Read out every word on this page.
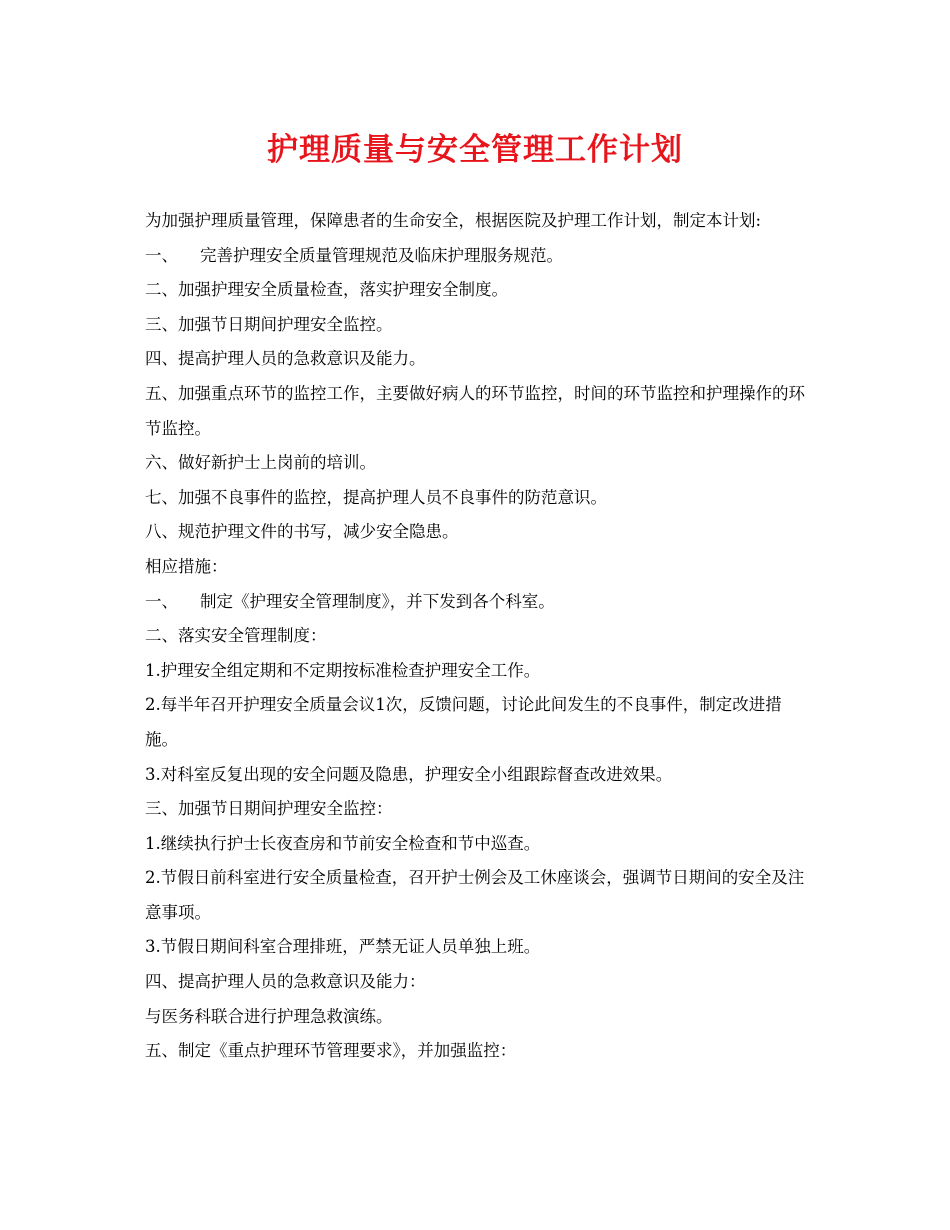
护理质量与安全管理工作计划

为加强护理质量管理，保障患者的生命安全，根据医院及护理工作计划，制定本计划:

一、 完善护理安全质量管理规范及临床护理服务规范。

二、加强护理安全质量检查，落实护理安全制度。

三、加强节日期间护理安全监控。

四、提高护理人员的急救意识及能力。

五、加强重点环节的监控工作，主要做好病人的环节监控，时间的环节监控和护理操作的环节监控。

六、做好新护士上岗前的培训。

七、加强不良事件的监控，提高护理人员不良事件的防范意识。

八、规范护理文件的书写，减少安全隐患。

相应措施：

一、 制定《护理安全管理制度》，并下发到各个科室。

二、落实安全管理制度：

1.护理安全组定期和不定期按标准检查护理安全工作。

2.每半年召开护理安全质量会议1次，反馈问题，讨论此间发生的不良事件，制定改进措施。

3.对科室反复出现的安全问题及隐患，护理安全小组跟踪督查改进效果。

三、加强节日期间护理安全监控：

1.继续执行护士长夜查房和节前安全检查和节中巡查。

2.节假日前科室进行安全质量检查，召开护士例会及工休座谈会，强调节日期间的安全及注意事项。

3.节假日期间科室合理排班，严禁无证人员单独上班。

四、提高护理人员的急救意识及能力：

与医务科联合进行护理急救演练。

五、制定《重点护理环节管理要求》，并加强监控：
